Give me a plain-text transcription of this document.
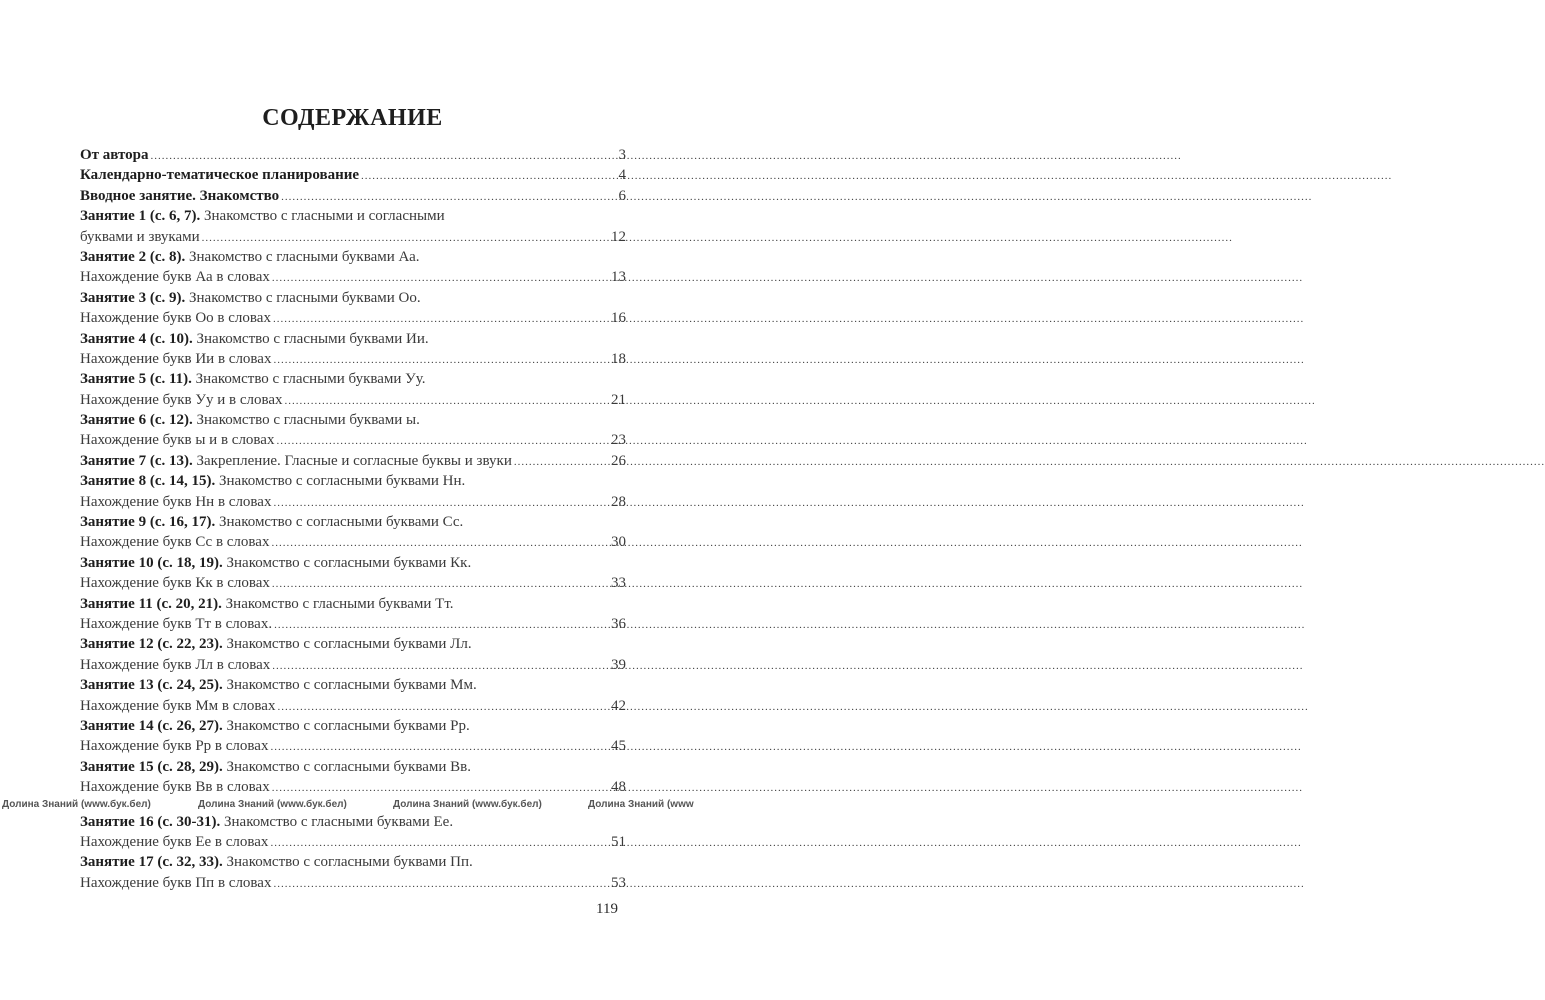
СОДЕРЖАНИЕ
От автора .....	3
Календарно-тематическое планирование .....	4
Вводное занятие. Знакомство .....	6
Занятие 1 (с. 6, 7). Знакомство с гласными и согласными
буквами и звуками .....	12
Занятие 2 (с. 8). Знакомство с гласными буквами Аа.
Нахождение букв Аа в словах .....	13
Занятие 3 (с. 9). Знакомство с гласными буквами Оо.
Нахождение букв Оо в словах .....	16
Занятие 4 (с. 10). Знакомство с гласными буквами Ии.
Нахождение букв Ии в словах .....	18
Занятие 5 (с. 11). Знакомство с гласными буквами Уу.
Нахождение букв Уу и в словах .....	21
Занятие 6 (с. 12). Знакомство с гласными буквами ы.
Нахождение букв ы и в словах .....	23
Занятие 7 (с. 13). Закрепление. Гласные и согласные буквы и звуки .....	26
Занятие 8 (с. 14, 15). Знакомство с согласными буквами Нн.
Нахождение букв Нн в словах .....	28
Занятие 9 (с. 16, 17). Знакомство с согласными буквами Сс.
Нахождение букв Сс в словах .....	30
Занятие 10 (с. 18, 19). Знакомство с согласными буквами Кк.
Нахождение букв Кк в словах .....	33
Занятие 11 (с. 20, 21). Знакомство с гласными буквами Тт.
Нахождение букв Тт в словах. .....	36
Занятие 12 (с. 22, 23). Знакомство с согласными буквами Лл.
Нахождение букв Лл в словах .....	39
Занятие 13 (с. 24, 25). Знакомство с согласными буквами Мм.
Нахождение букв Мм в словах .....	42
Занятие 14 (с. 26, 27). Знакомство с согласными буквами Рр.
Нахождение букв Рр в словах .....	45
Занятие 15 (с. 28, 29). Знакомство с согласными буквами Вв.
Нахождение букв Вв в словах .....	48
Долина Знаний (www.бук.бел)	Долина Знаний (www.бук.бел)	Долина Знаний (www.бук.бел)	Долина Знаний (www
Занятие 16 (с. 30-31). Знакомство с гласными буквами Ее.
Нахождение букв Ее в словах .....	51
Занятие 17 (с. 32, 33). Знакомство с согласными буквами Пп.
Нахождение букв Пп в словах .....	53
119
